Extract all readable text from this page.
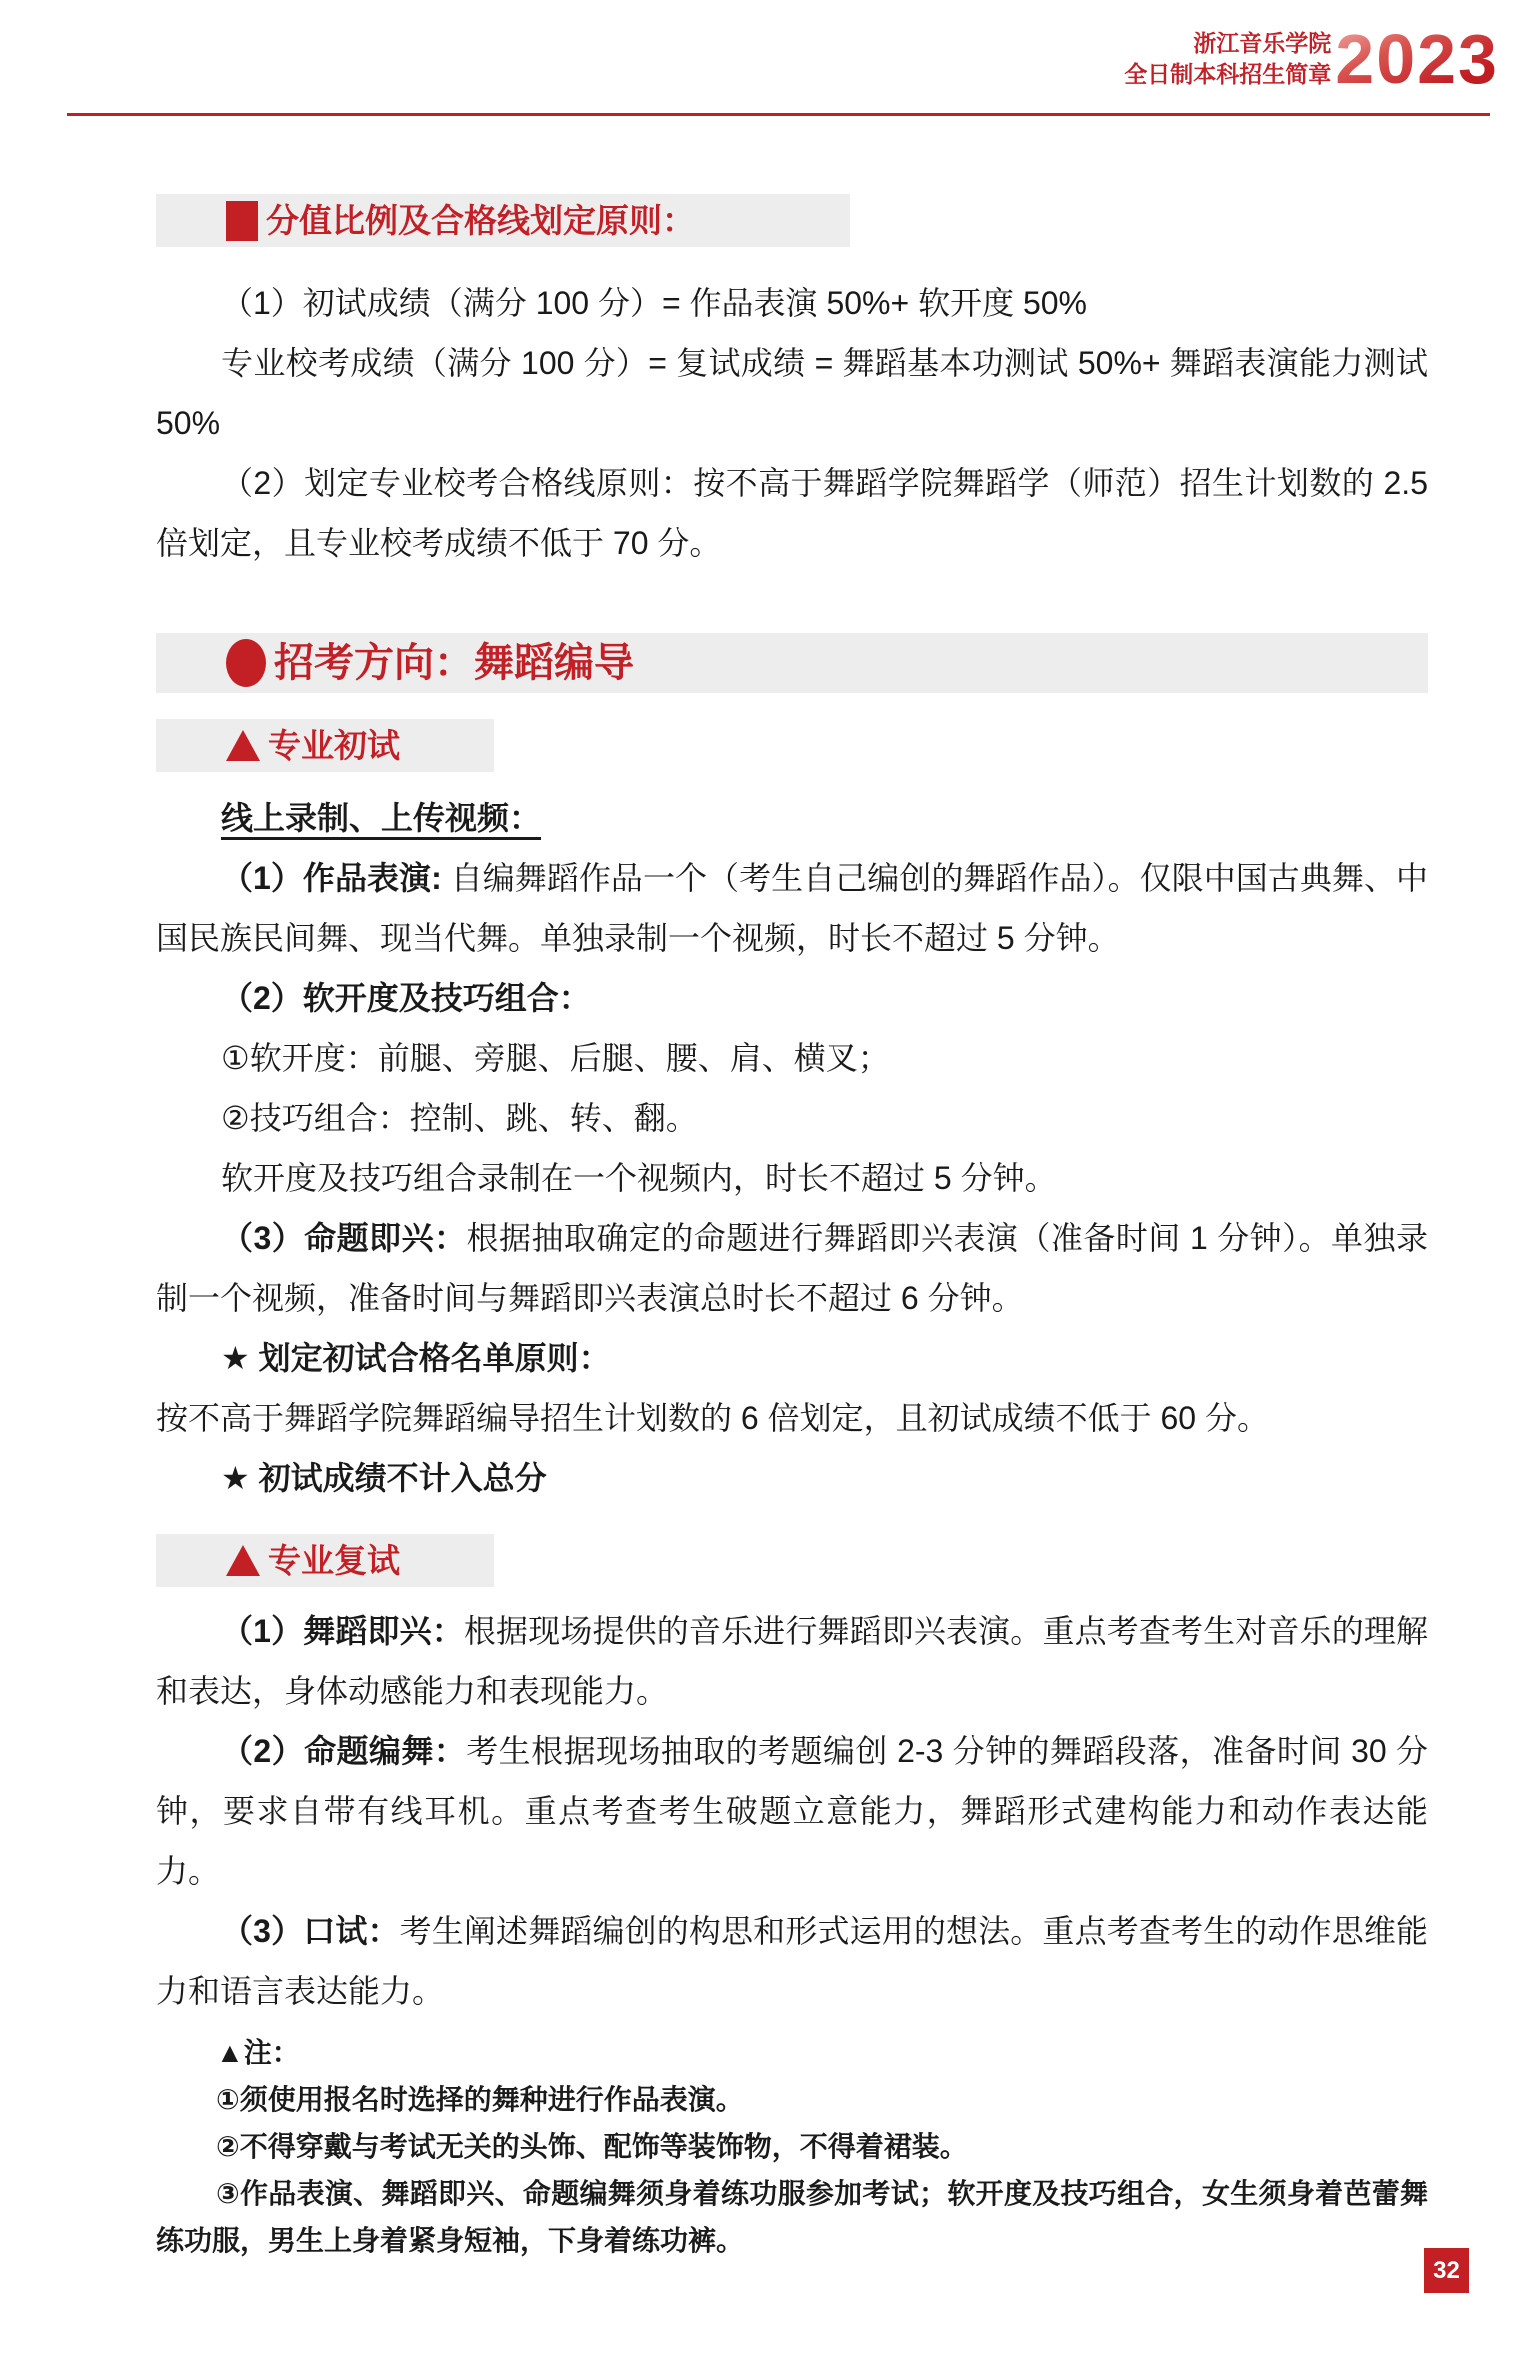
浙江音乐学院
全日制本科招生简章 2023
分值比例及合格线划定原则：

（1）初试成绩（满分 100 分）= 作品表演 50%+ 软开度 50%

专业校考成绩（满分 100 分）= 复试成绩 = 舞蹈基本功测试 50%+ 舞蹈表演能力测试 50%

（2）划定专业校考合格线原则：按不高于舞蹈学院舞蹈学（师范）招生计划数的 2.5 倍划定，且专业校考成绩不低于 70 分。

招考方向：舞蹈编导
专业初试

线上录制、上传视频：

（1）作品表演: 自编舞蹈作品一个（考生自己编创的舞蹈作品）。仅限中国古典舞、中国民族民间舞、现当代舞。单独录制一个视频，时长不超过 5 分钟。

（2）软开度及技巧组合：

①软开度：前腿、旁腿、后腿、腰、肩、横叉；

②技巧组合：控制、跳、转、翻。

软开度及技巧组合录制在一个视频内，时长不超过 5 分钟。

（3）命题即兴：根据抽取确定的命题进行舞蹈即兴表演（准备时间 1 分钟）。单独录制一个视频，准备时间与舞蹈即兴表演总时长不超过 6 分钟。

★ 划定初试合格名单原则：

按不高于舞蹈学院舞蹈编导招生计划数的 6 倍划定，且初试成绩不低于 60 分。

★ 初试成绩不计入总分

专业复试

（1）舞蹈即兴：根据现场提供的音乐进行舞蹈即兴表演。重点考查考生对音乐的理解和表达，身体动感能力和表现能力。

（2）命题编舞：考生根据现场抽取的考题编创 2-3 分钟的舞蹈段落，准备时间 30 分钟，要求自带有线耳机。重点考查考生破题立意能力，舞蹈形式建构能力和动作表达能力。

（3）口试：考生阐述舞蹈编创的构思和形式运用的想法。重点考查考生的动作思维能力和语言表达能力。

▲注：

①须使用报名时选择的舞种进行作品表演。

②不得穿戴与考试无关的头饰、配饰等装饰物，不得着裙装。

③作品表演、舞蹈即兴、命题编舞须身着练功服参加考试；软开度及技巧组合，女生须身着芭蕾舞练功服，男生上身着紧身短袖，下身着练功裤。

32
